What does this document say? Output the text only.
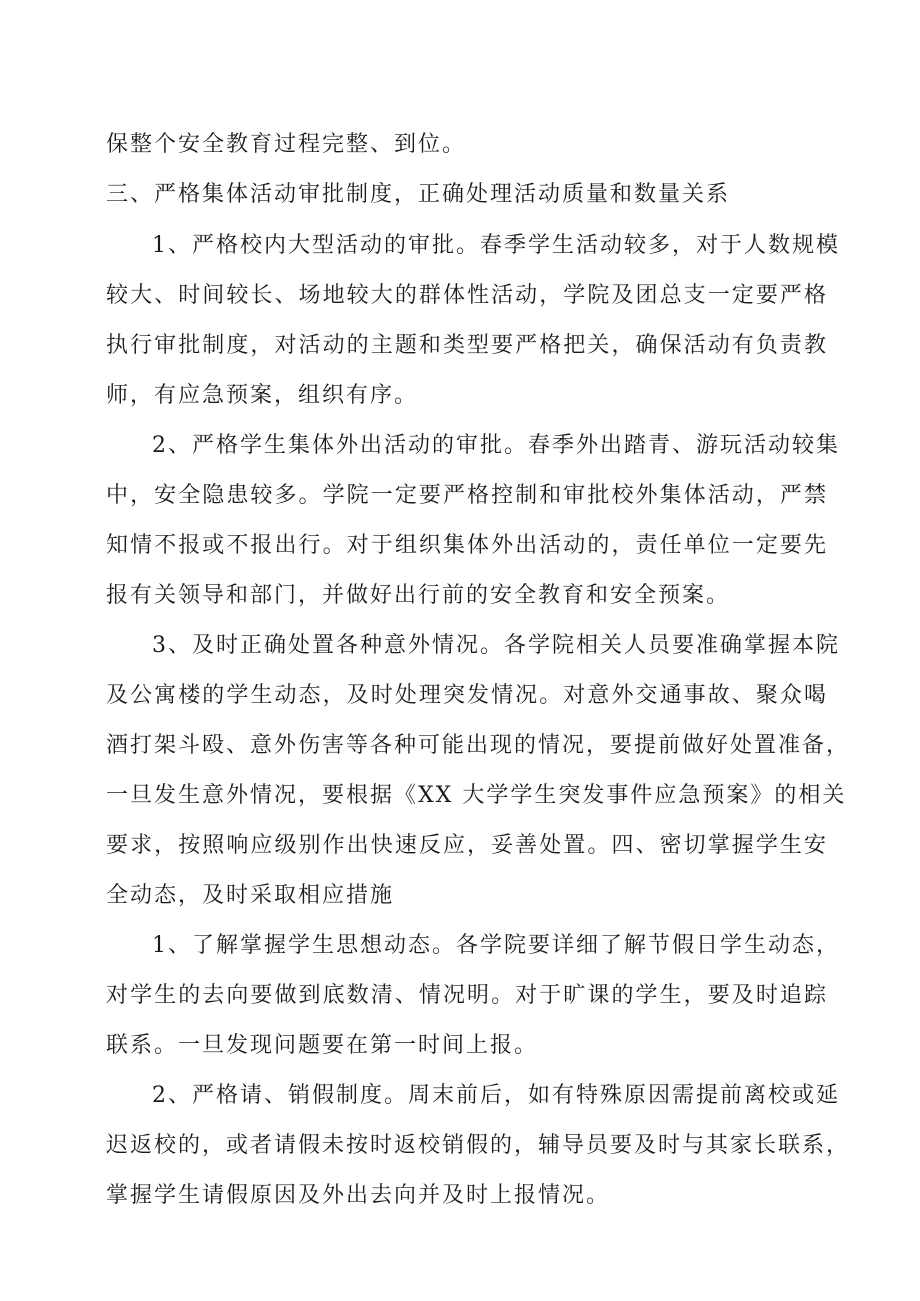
保整个安全教育过程完整、到位。
三、严格集体活动审批制度，正确处理活动质量和数量关系
1、严格校内大型活动的审批。春季学生活动较多，对于人数规模
较大、时间较长、场地较大的群体性活动，学院及团总支一定要严格
执行审批制度，对活动的主题和类型要严格把关，确保活动有负责教
师，有应急预案，组织有序。
2、严格学生集体外出活动的审批。春季外出踏青、游玩活动较集
中，安全隐患较多。学院一定要严格控制和审批校外集体活动，严禁
知情不报或不报出行。对于组织集体外出活动的，责任单位一定要先
报有关领导和部门，并做好出行前的安全教育和安全预案。
3、及时正确处置各种意外情况。各学院相关人员要准确掌握本院
及公寓楼的学生动态，及时处理突发情况。对意外交通事故、聚众喝
酒打架斗殴、意外伤害等各种可能出现的情况，要提前做好处置准备，
一旦发生意外情况，要根据《XX 大学学生突发事件应急预案》的相关
要求，按照响应级别作出快速反应，妥善处置。四、密切掌握学生安
全动态，及时采取相应措施
1、了解掌握学生思想动态。各学院要详细了解节假日学生动态，
对学生的去向要做到底数清、情况明。对于旷课的学生，要及时追踪
联系。一旦发现问题要在第一时间上报。
2、严格请、销假制度。周末前后，如有特殊原因需提前离校或延
迟返校的，或者请假未按时返校销假的，辅导员要及时与其家长联系，
掌握学生请假原因及外出去向并及时上报情况。
